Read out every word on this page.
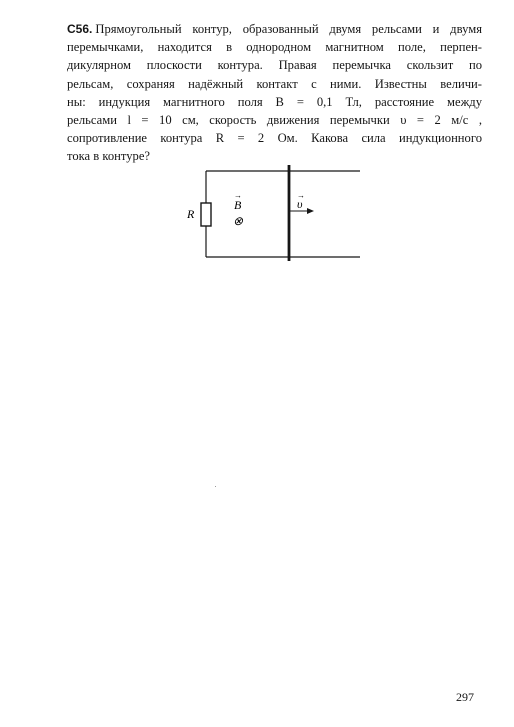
C56. Прямоугольный контур, образованный двумя рельсами и двумя
перемычками, находится в однородном магнитном поле, перпен-
дикулярном плоскости контура. Правая перемычка скользит по
рельсам, сохраняя надёжный контакт с ними. Известны величи-
ны: индукция магнитного поля B = 0,1 Тл, расстояние между
рельсами l = 10 см, скорость движения перемычки υ = 2 м/с ,
сопротивление контура R = 2 Ом. Какова сила индукционного
тока в контуре?
R
→
B
⊗
→
υ
297
